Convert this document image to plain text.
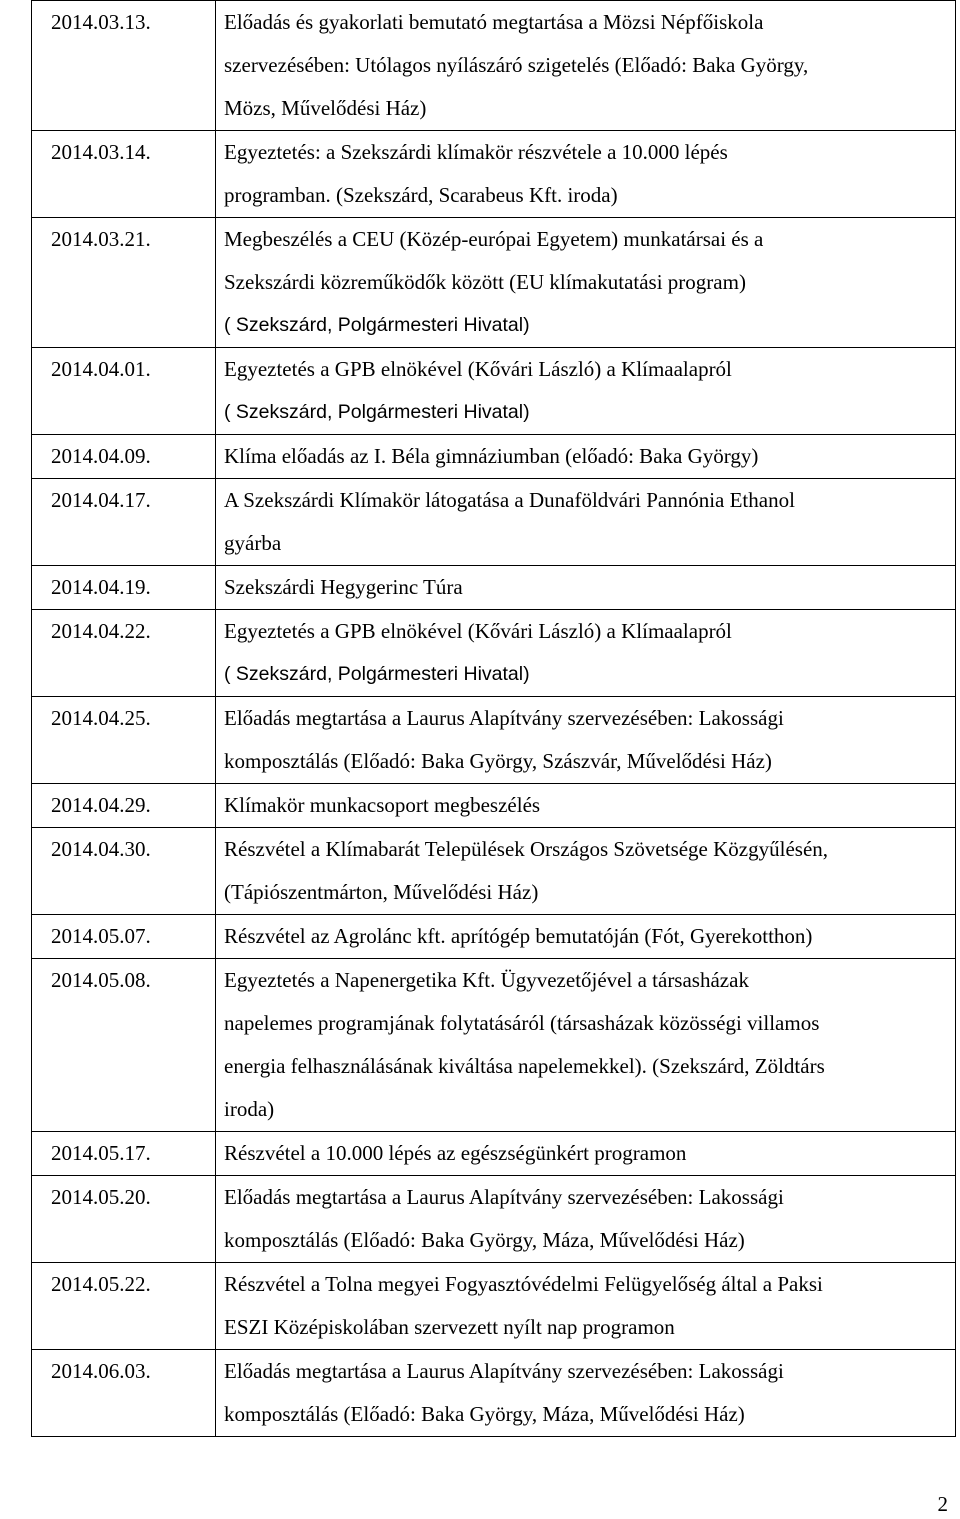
2014.03.13.	Előadás és gyakorlati bemutató megtartása a Mözsi Népfőiskola
szervezésében: Utólagos nyílászáró szigetelés (Előadó: Baka György,
Mözs, Művelődési Ház)

2014.03.14.	Egyeztetés: a Szekszárdi klímakör részvétele a 10.000 lépés
programban. (Szekszárd, Scarabeus Kft. iroda)

2014.03.21.	Megbeszélés a CEU (Közép-európai Egyetem) munkatársai és a
Szekszárdi közreműködők között (EU klímakutatási program)
( Szekszárd, Polgármesteri Hivatal)

2014.04.01.	Egyeztetés a GPB elnökével (Kővári László) a Klímaalapról
( Szekszárd, Polgármesteri Hivatal)

2014.04.09.	Klíma előadás az I. Béla gimnáziumban (előadó: Baka György)

2014.04.17.	A Szekszárdi Klímakör látogatása a Dunaföldvári Pannónia Ethanol
gyárba

2014.04.19.	Szekszárdi Hegygerinc Túra

2014.04.22.	Egyeztetés a GPB elnökével (Kővári László) a Klímaalapról
( Szekszárd, Polgármesteri Hivatal)

2014.04.25.	Előadás megtartása a Laurus Alapítvány szervezésében: Lakossági
komposztálás (Előadó: Baka György, Szászvár, Művelődési Ház)

2014.04.29.	Klímakör munkacsoport megbeszélés

2014.04.30.	Részvétel a Klímabarát Települések Országos Szövetsége Közgyűlésén,
(Tápiószentmárton, Művelődési Ház)

2014.05.07.	Részvétel az Agrolánc kft. aprítógép bemutatóján (Fót, Gyerekotthon)

2014.05.08.	Egyeztetés a Napenergetika Kft. Ügyvezetőjével a társasházak
napelemes programjának folytatásáról (társasházak közösségi villamos
energia felhasználásának kiváltása napelemekkel). (Szekszárd, Zöldtárs
iroda)

2014.05.17.	Részvétel a 10.000 lépés az egészségünkért programon

2014.05.20.	Előadás megtartása a Laurus Alapítvány szervezésében: Lakossági
komposztálás (Előadó: Baka György, Máza, Művelődési Ház)

2014.05.22.	Részvétel a Tolna megyei Fogyasztóvédelmi Felügyelőség által a Paksi
ESZI Középiskolában szervezett nyílt nap programon

2014.06.03.	Előadás megtartása a Laurus Alapítvány szervezésében: Lakossági
komposztálás (Előadó: Baka György, Máza, Művelődési Ház)
2
